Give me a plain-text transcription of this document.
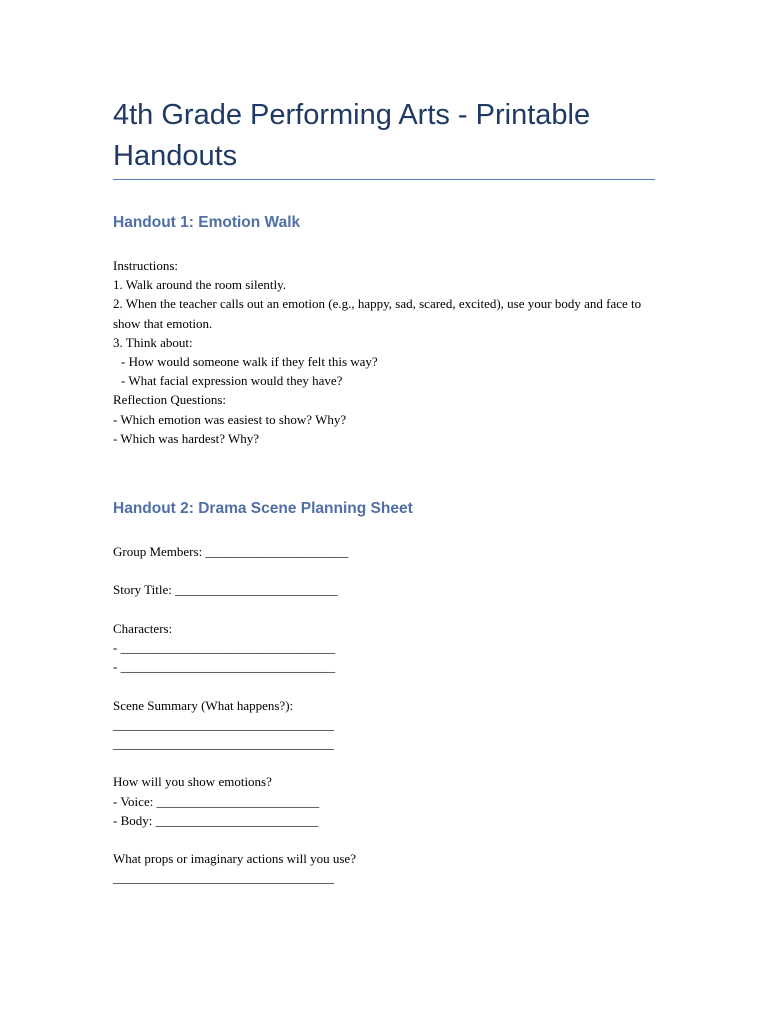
4th Grade Performing Arts - Printable Handouts
Handout 1: Emotion Walk

Instructions:

1. Walk around the room silently.

2. When the teacher calls out an emotion (e.g., happy, sad, scared, excited), use your body and face to show that emotion.

3. Think about:

- How would someone walk if they felt this way?

- What facial expression would they have?

Reflection Questions:

- Which emotion was easiest to show? Why?

- Which was hardest? Why?

Handout 2: Drama Scene Planning Sheet

Group Members: ______________________

Story Title: _________________________

Characters:

- _________________________________

- _________________________________

Scene Summary (What happens?):

__________________________________

__________________________________

How will you show emotions?

- Voice: _________________________

- Body: _________________________

What props or imaginary actions will you use?

__________________________________
